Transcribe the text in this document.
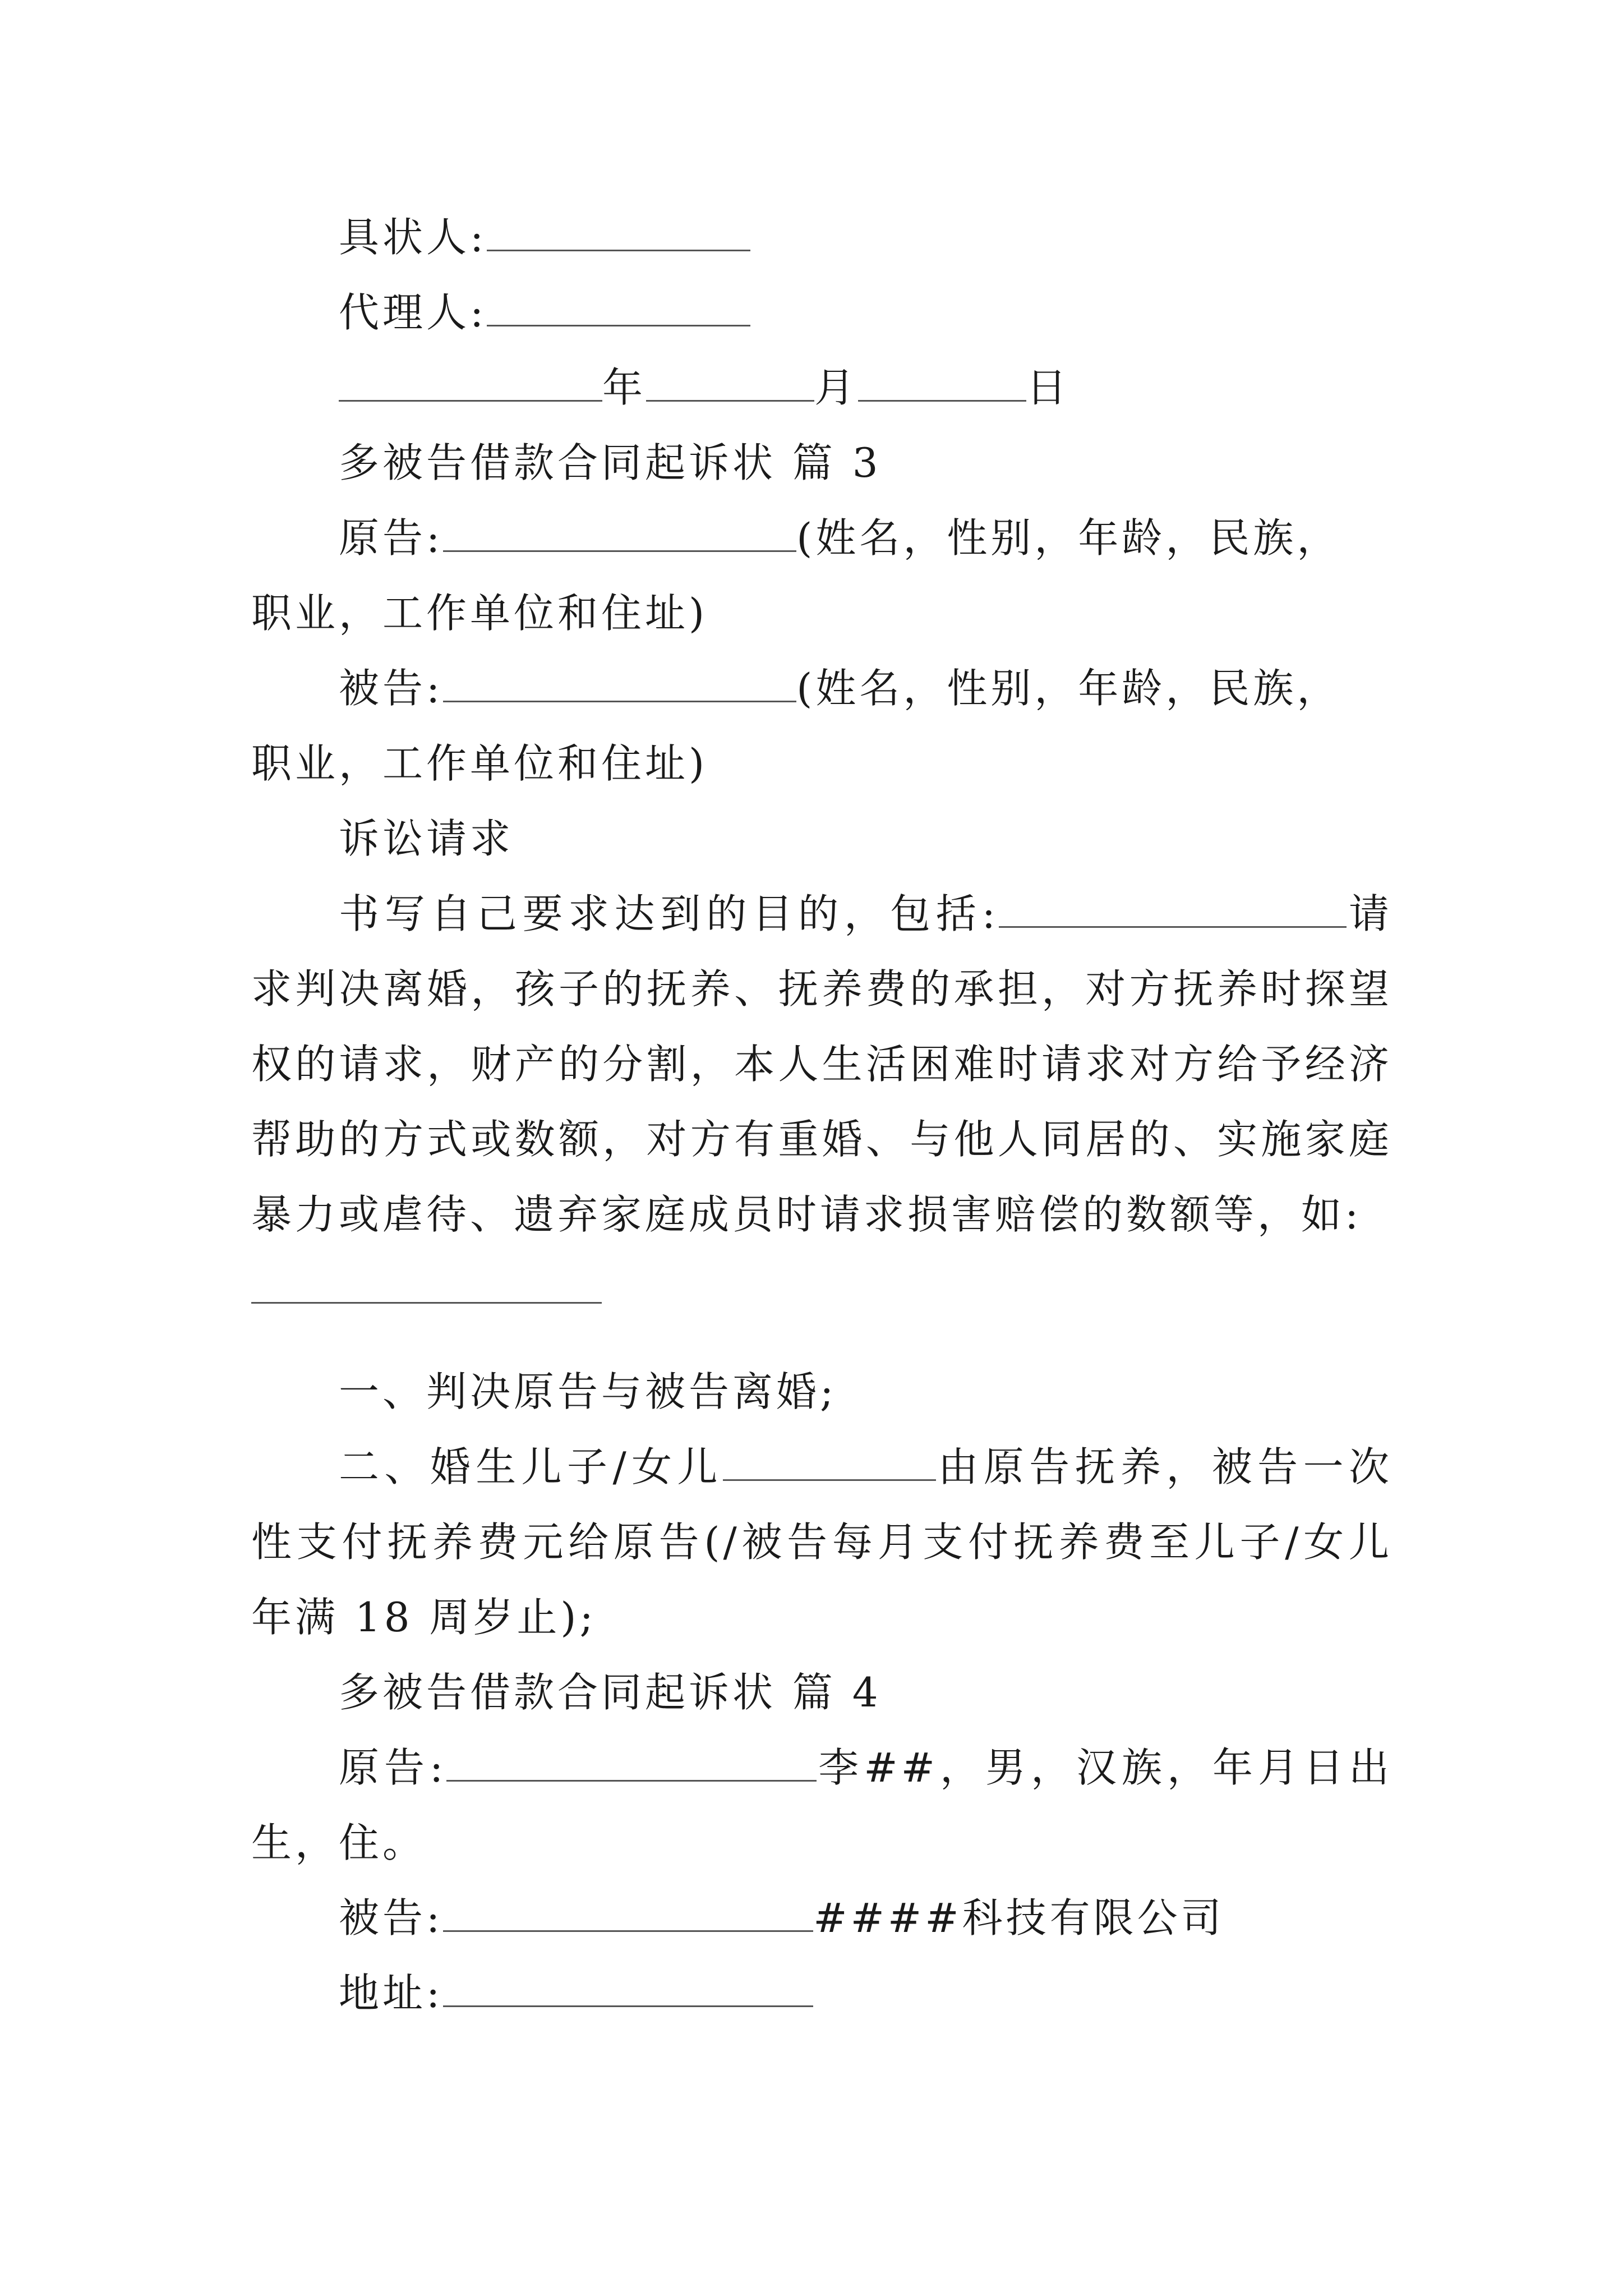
具状人:
代理人:
年	月	日
多被告借款合同起诉状 篇 3
原告:	(姓名，性别，年龄，民族，
职业，工作单位和住址)
被告:	(姓名，性别，年龄，民族，
职业，工作单位和住址)
诉讼请求
书写自己要求达到的目的，包括:	请求判决离婚，孩子的抚养、抚养费的承担，对方抚养时探望权的请求，财产的分割，本人生活困难时请求对方给予经济帮助的方式或数额，对方有重婚、与他人同居的、实施家庭暴力或虐待、遗弃家庭成员时请求损害赔偿的数额等，如:
一、判决原告与被告离婚;
二、婚生儿子/女儿	由原告抚养，被告一次性支付抚养费元给原告(/被告每月支付抚养费至儿子/女儿年满 18 周岁止);
多被告借款合同起诉状 篇 4
原告:	李##，男，汉族，年月日出生，住。
被告:	####科技有限公司
地址:
